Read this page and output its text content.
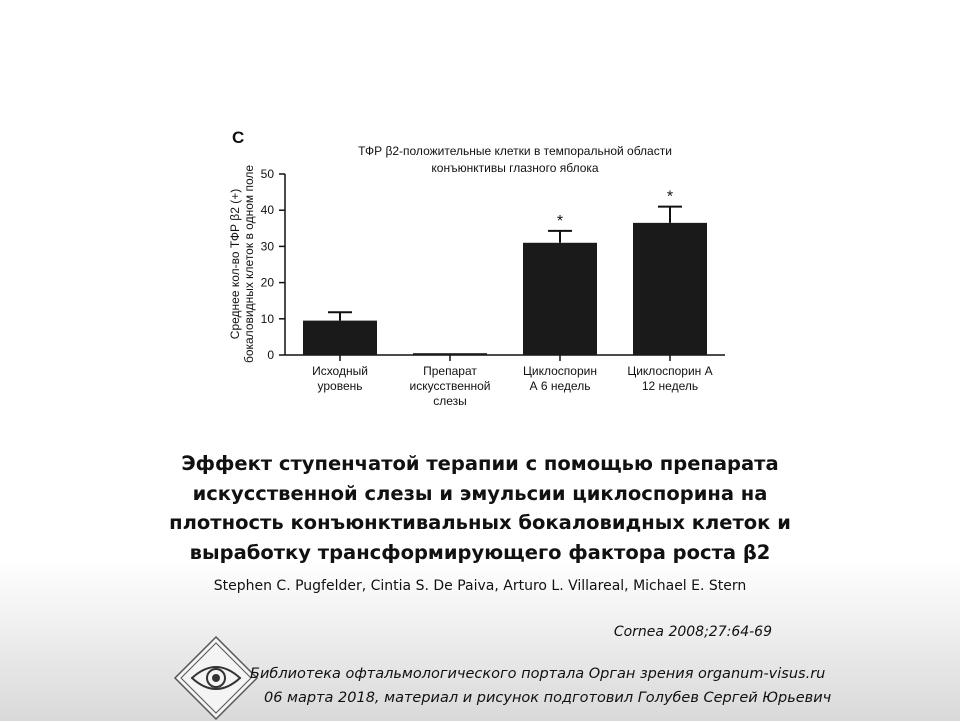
C
ТФР β2-положительные клетки в темпоральной области
конъюнктивы глазного яблока
Среднее кол-во ТФР β2 (+) бокаловидных клеток в одном поле 0
10
20
30
40
50
Исходный
уровень
Препарат
искусственной
слезы
*
Циклоспорин
А 6 недель
*
Циклоспорин А
12 недель
Эффект ступенчатой терапии с помощью препарата
искусственной слезы и эмульсии циклоспорина на
плотность конъюнктивальных бокаловидных клеток и
выработку трансформирующего фактора роста β2
Stephen C. Pugfelder, Cintia S. De Paiva, Arturo L. Villareal, Michael E. Stern
Cornea 2008;27:64-69
Библиотека офтальмологического портала Орган зрения organum-visus.ru
06 марта 2018, материал и рисунок подготовил Голубев Сергей Юрьевич
